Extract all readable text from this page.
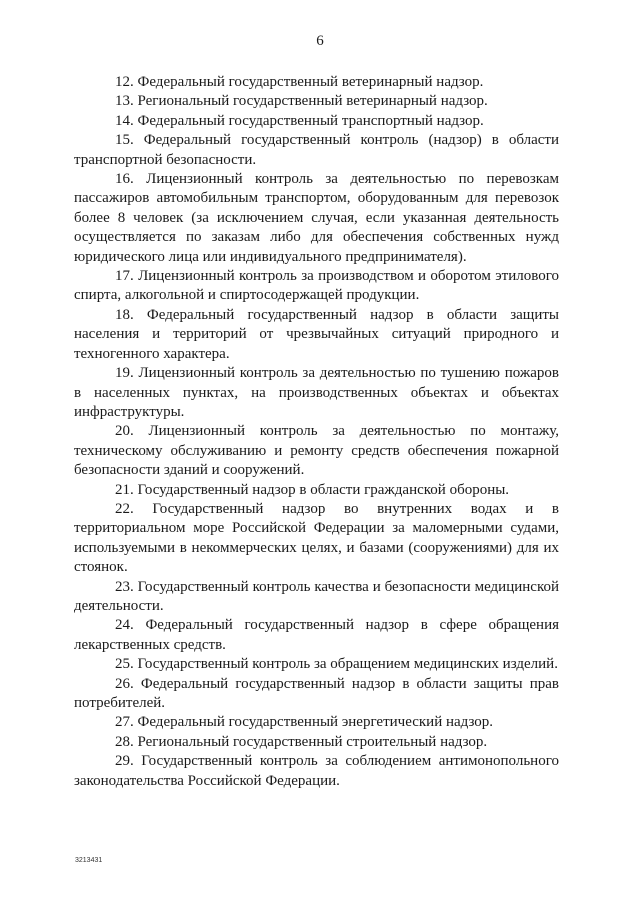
6

12. Федеральный государственный ветеринарный надзор.

13. Региональный государственный ветеринарный надзор.

14. Федеральный государственный транспортный надзор.

15. Федеральный государственный контроль (надзор) в области транспортной безопасности.

16. Лицензионный контроль за деятельностью по перевозкам пассажиров автомобильным транспортом, оборудованным для перевозок более 8 человек (за исключением случая, если указанная деятельность осуществляется по заказам либо для обеспечения собственных нужд юридического лица или индивидуального предпринимателя).

17. Лицензионный контроль за производством и оборотом этилового спирта, алкогольной и спиртосодержащей продукции.

18. Федеральный государственный надзор в области защиты населения и территорий от чрезвычайных ситуаций природного и техногенного характера.

19. Лицензионный контроль за деятельностью по тушению пожаров в населенных пунктах, на производственных объектах и объектах инфраструктуры.

20. Лицензионный контроль за деятельностью по монтажу, техническому обслуживанию и ремонту средств обеспечения пожарной безопасности зданий и сооружений.

21. Государственный надзор в области гражданской обороны.

22. Государственный надзор во внутренних водах и в территориальном море Российской Федерации за маломерными судами, используемыми в некоммерческих целях, и базами (сооружениями) для их стоянок.

23. Государственный контроль качества и безопасности медицинской деятельности.

24. Федеральный государственный надзор в сфере обращения лекарственных средств.

25. Государственный контроль за обращением медицинских изделий.

26. Федеральный государственный надзор в области защиты прав потребителей.

27. Федеральный государственный энергетический надзор.

28. Региональный государственный строительный надзор.

29. Государственный контроль за соблюдением антимонопольного законодательства Российской Федерации.

3213431
